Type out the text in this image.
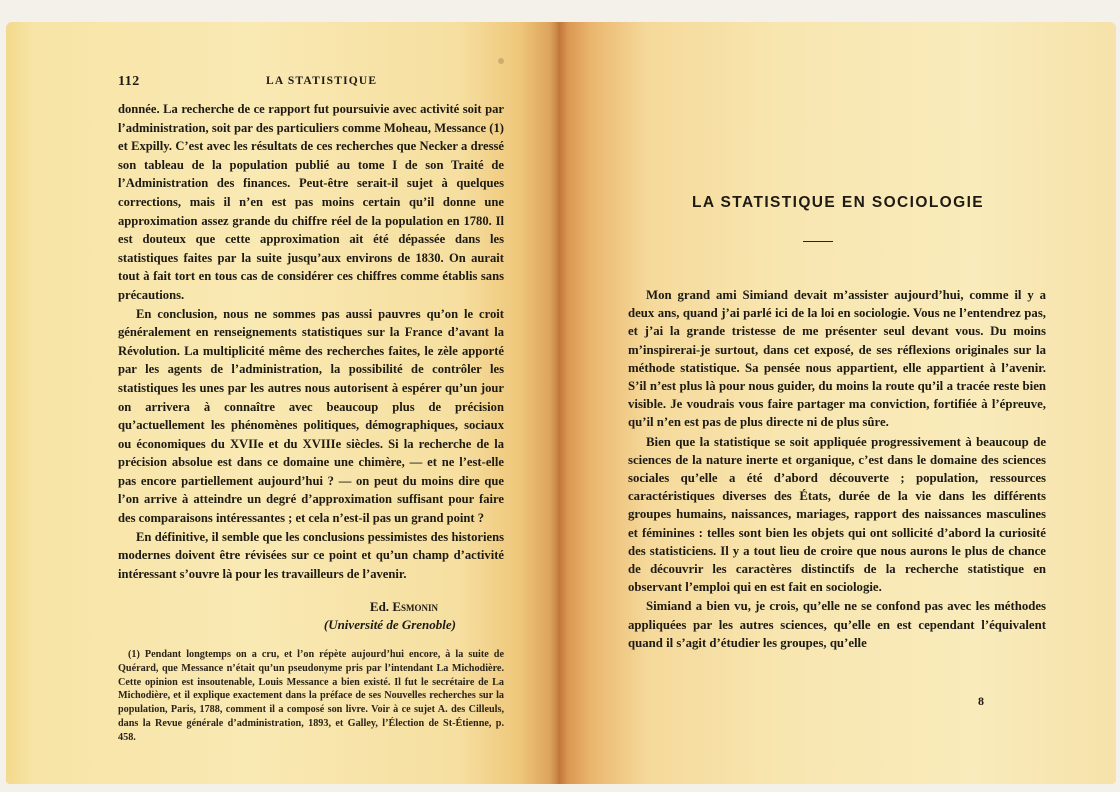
112	LA STATISTIQUE

donnée. La recherche de ce rapport fut poursuivie avec activité soit par l’administration, soit par des particuliers comme Moheau, Messance (1) et Expilly. C’est avec les résultats de ces recherches que Necker a dressé son tableau de la population publié au tome I de son Traité de l’Administration des finances. Peut-être serait-il sujet à quelques corrections, mais il n’en est pas moins certain qu’il donne une approximation assez grande du chiffre réel de la population en 1780. Il est douteux que cette approximation ait été dépassée dans les statistiques faites par la suite jusqu’aux environs de 1830. On aurait tout à fait tort en tous cas de considérer ces chiffres comme établis sans précautions.

En conclusion, nous ne sommes pas aussi pauvres qu’on le croit généralement en renseignements statistiques sur la France d’avant la Révolution. La multiplicité même des recherches faites, le zèle apporté par les agents de l’administration, la possibilité de contrôler les statistiques les unes par les autres nous autorisent à espérer qu’un jour on arrivera à connaître avec beaucoup plus de précision qu’actuellement les phénomènes politiques, démographiques, sociaux ou économiques du XVIIe et du XVIIIe siècles. Si la recherche de la précision absolue est dans ce domaine une chimère, — et ne l’est-elle pas encore partiellement aujourd’hui ? — on peut du moins dire que l’on arrive à atteindre un degré d’approximation suffisant pour faire des comparaisons intéressantes ; et cela n’est-il pas un grand point ?

En définitive, il semble que les conclusions pessimistes des historiens modernes doivent être révisées sur ce point et qu’un champ d’activité intéressant s’ouvre là pour les travailleurs de l’avenir.

Ed. Esmonin
(Université de Grenoble)

(1) Pendant longtemps on a cru, et l’on répète aujourd’hui encore, à la suite de Quérard, que Messance n’était qu’un pseudonyme pris par l’intendant La Michodière. Cette opinion est insoutenable, Louis Messance a bien existé. Il fut le secrétaire de La Michodière, et il explique exactement dans la préface de ses Nouvelles recherches sur la population, Paris, 1788, comment il a composé son livre. Voir à ce sujet A. des Cilleuls, dans la Revue générale d’administration, 1893, et Galley, l’Élection de St-Étienne, p. 458.

LA STATISTIQUE EN SOCIOLOGIE

Mon grand ami Simiand devait m’assister aujourd’hui, comme il y a deux ans, quand j’ai parlé ici de la loi en sociologie. Vous ne l’entendrez pas, et j’ai la grande tristesse de me présenter seul devant vous. Du moins m’inspirerai-je surtout, dans cet exposé, de ses réflexions originales sur la méthode statistique. Sa pensée nous appartient, elle appartient à l’avenir. S’il n’est plus là pour nous guider, du moins la route qu’il a tracée reste bien visible. Je voudrais vous faire partager ma conviction, fortifiée à l’épreuve, qu’il n’en est pas de plus directe ni de plus sûre.

Bien que la statistique se soit appliquée progressivement à beaucoup de sciences de la nature inerte et organique, c’est dans le domaine des sciences sociales qu’elle a été d’abord découverte ; population, ressources caractéristiques diverses des États, durée de la vie dans les différents groupes humains, naissances, mariages, rapport des naissances masculines et féminines : telles sont bien les objets qui ont sollicité d’abord la curiosité des statisticiens. Il y a tout lieu de croire que nous aurons le plus de chance de découvrir les caractères distinctifs de la recherche statistique en observant l’emploi qui en est fait en sociologie.

Simiand a bien vu, je crois, qu’elle ne se confond pas avec les méthodes appliquées par les autres sciences, qu’elle en est cependant l’équivalent quand il s’agit d’étudier les groupes, qu’elle

8
